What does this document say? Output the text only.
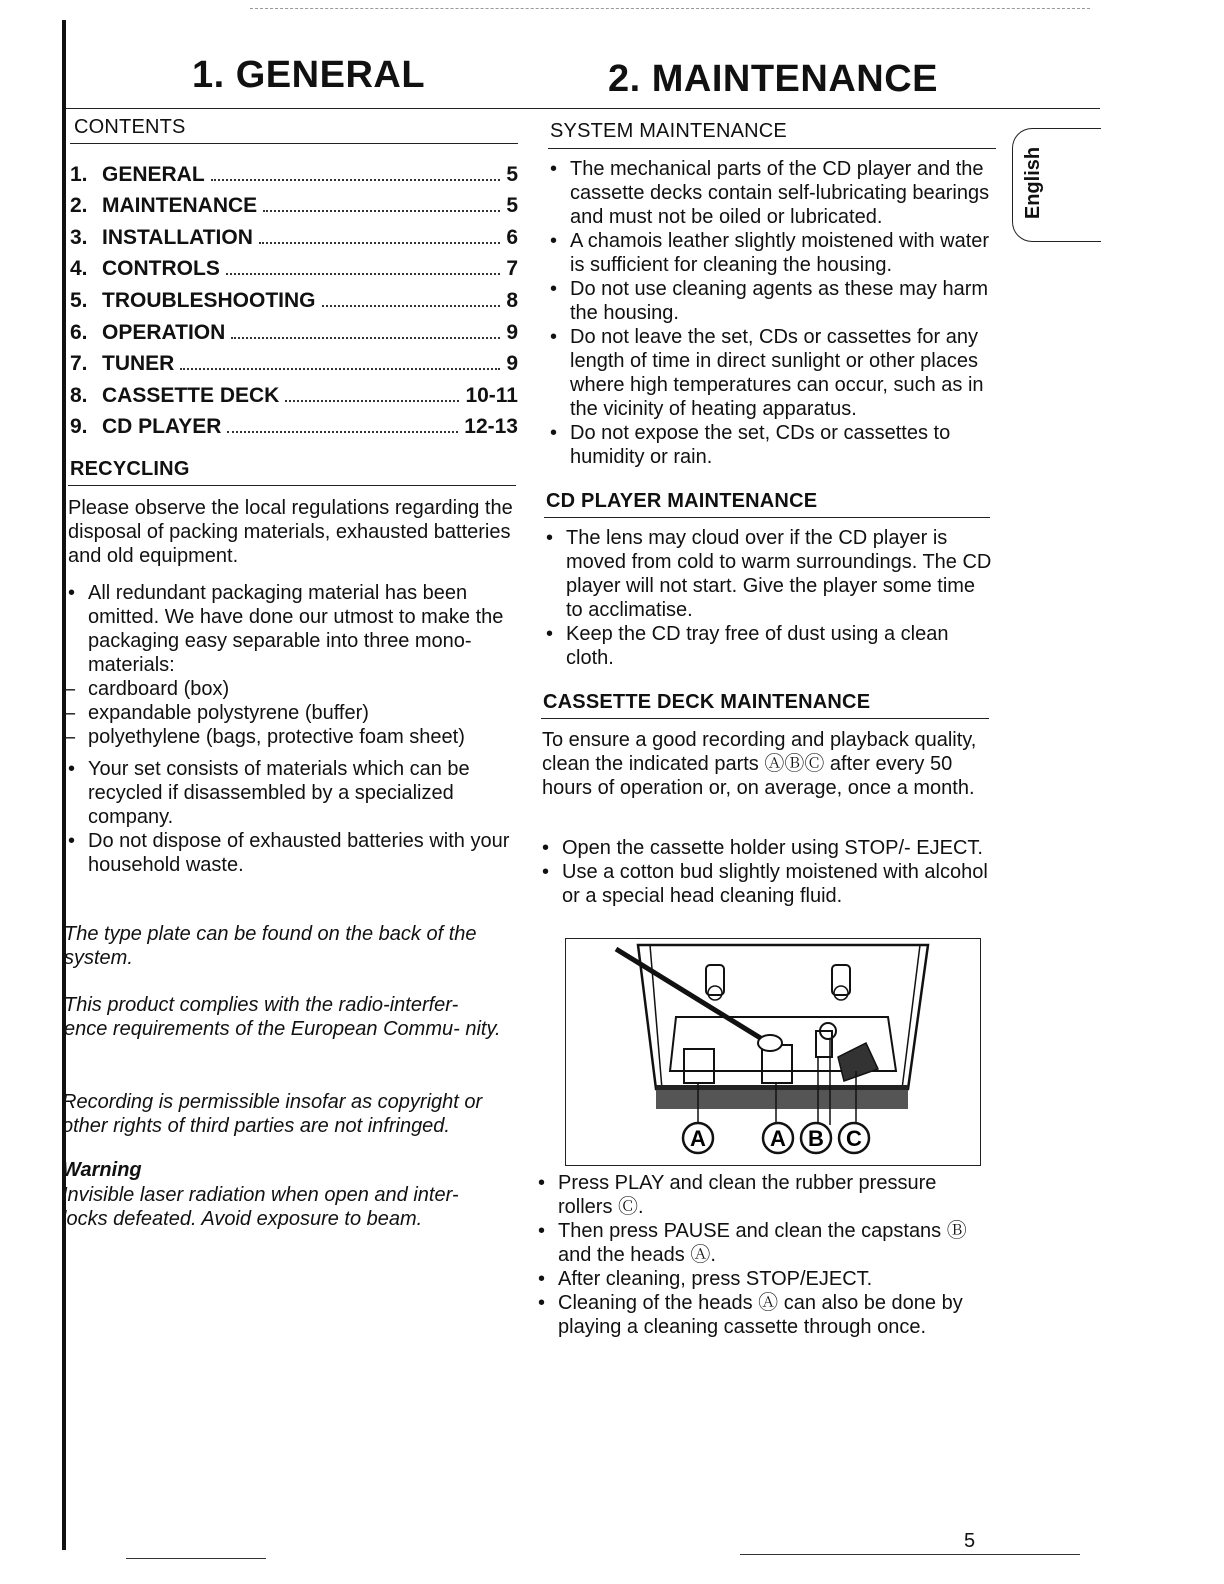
1. GENERAL	2. MAINTENANCE
CONTENTS
1. GENERAL	5
2. MAINTENANCE	5
3. INSTALLATION	6
4. CONTROLS	7
5. TROUBLESHOOTING	8
6. OPERATION	9
7. TUNER	9
8. CASSETTE DECK	10-11
9. CD PLAYER	12-13
RECYCLING
Please observe the local regulations regarding the disposal of packing materials, exhausted batteries and old equipment.
• All redundant packaging material has been omitted. We have done our utmost to make the packaging easy separable into three mono-materials:
– cardboard (box)
– expandable polystyrene (buffer)
– polyethylene (bags, protective foam sheet)
• Your set consists of materials which can be recycled if disassembled by a specialized company.
• Do not dispose of exhausted batteries with your household waste.
The type plate can be found on the back of the system.
This product complies with the radio-interfer- ence requirements of the European Commu- nity.
Recording is permissible insofar as copyright or other rights of third parties are not infringed.
Warning
Invisible laser radiation when open and inter- locks defeated. Avoid exposure to beam.
English
SYSTEM MAINTENANCE
• The mechanical parts of the CD player and the cassette decks contain self-lubricating bearings and must not be oiled or lubricated.
• A chamois leather slightly moistened with water is sufficient for cleaning the housing.
• Do not use cleaning agents as these may harm the housing.
• Do not leave the set, CDs or cassettes for any length of time in direct sunlight or other places where high temperatures can occur, such as in the vicinity of heating apparatus.
• Do not expose the set, CDs or cassettes to humidity or rain.
CD PLAYER MAINTENANCE
• The lens may cloud over if the CD player is moved from cold to warm surroundings. The CD player will not start. Give the player some time to acclimatise.
• Keep the CD tray free of dust using a clean cloth.
CASSETTE DECK MAINTENANCE
To ensure a good recording and playback quality, clean the indicated parts ⒶⒷⒸ after every 50 hours of operation or, on average, once a month.
• Open the cassette holder using STOP/- EJECT.
• Use a cotton bud slightly moistened with alcohol or a special head cleaning fluid.
A	A B C
• Press PLAY and clean the rubber pressure rollers Ⓒ.
• Then press PAUSE and clean the capstans Ⓑ and the heads Ⓐ.
• After cleaning, press STOP/EJECT.
• Cleaning of the heads Ⓐ can also be done by playing a cleaning cassette through once.
5
